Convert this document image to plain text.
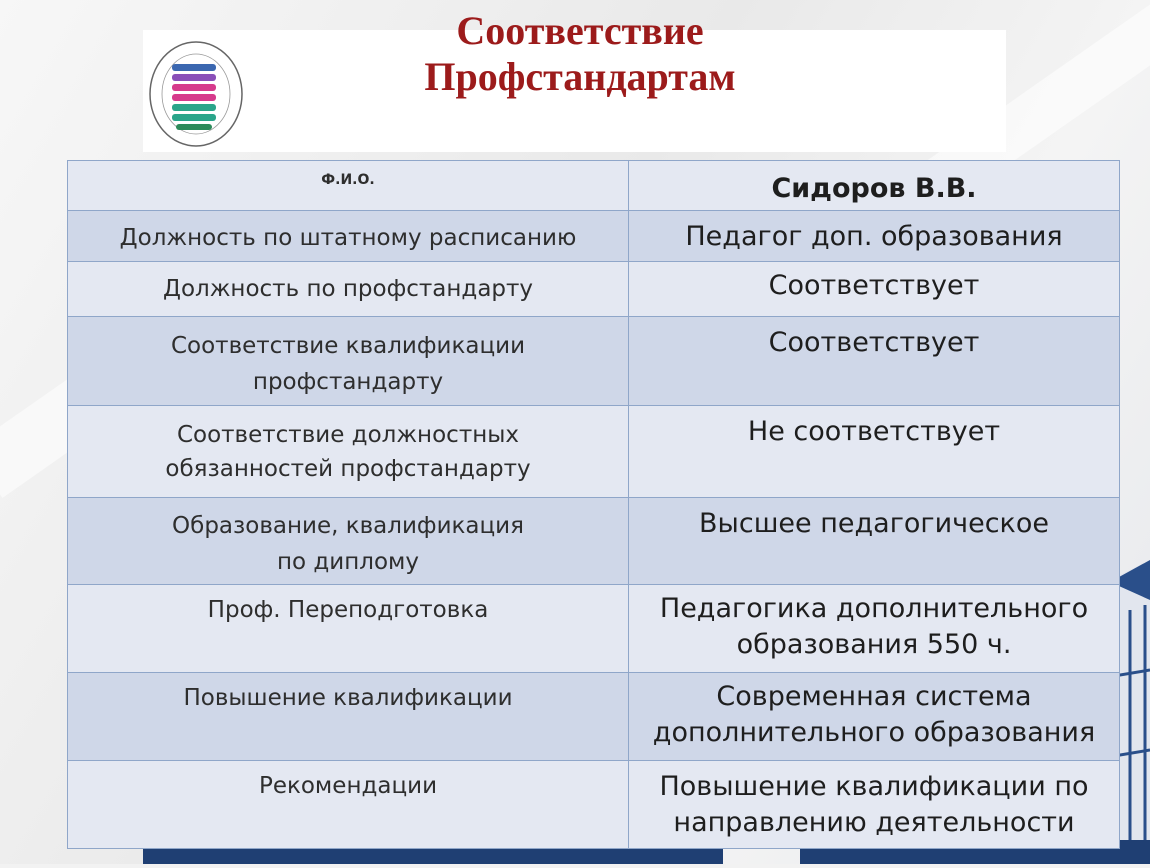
Соответствие
Профстандартам
Ф.И.О.	Сидоров В.В.
Должность по штатному расписанию	Педагог доп. образования
Должность по профстандарту	Соответствует

Соответствие квалификации
профстандарту	Соответствует

Соответствие должностных
обязанностей профстандарту	Не соответствует

Образование, квалификация
по диплому	Высшее педагогическое
Проф. Переподготовка	Педагогика дополнительного
образования 550 ч.

Повышение квалификации	Современная система
дополнительного образования

Рекомендации	Повышение квалификации по
направлению деятельности
